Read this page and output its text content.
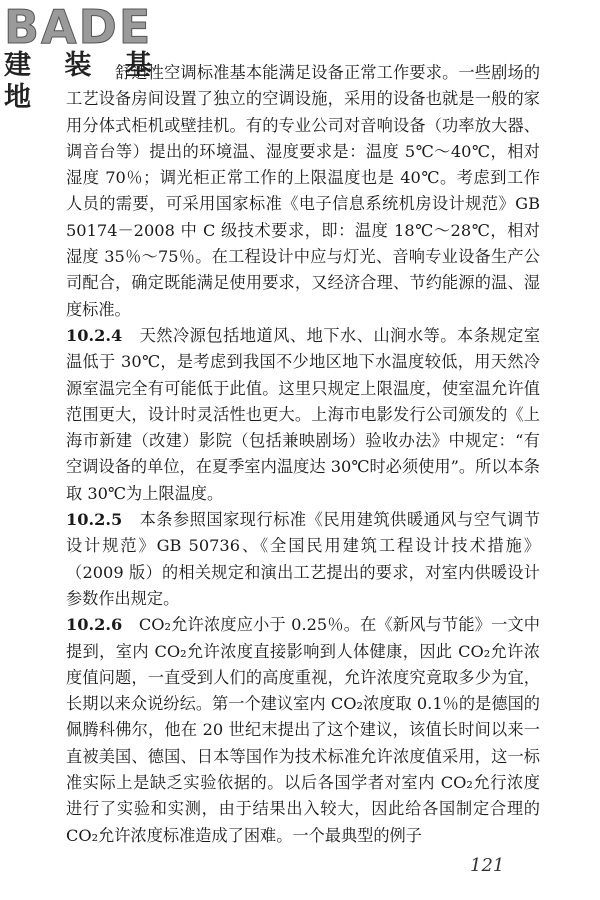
BADE
建 装 基 地

舒适性空调标准基本能满足设备正常工作要求。一些剧场的工艺设备房间设置了独立的空调设施，采用的设备也就是一般的家用分体式柜机或壁挂机。有的专业公司对音响设备（功率放大器、调音台等）提出的环境温、湿度要求是：温度 5℃～40℃，相对湿度 70％；调光柜正常工作的上限温度也是 40℃。考虑到工作人员的需要，可采用国家标准《电子信息系统机房设计规范》GB 50174－2008 中 C 级技术要求，即：温度 18℃～28℃，相对湿度 35％～75％。在工程设计中应与灯光、音响专业设备生产公司配合，确定既能满足使用要求，又经济合理、节约能源的温、湿度标准。

10.2.4　 天然冷源包括地道风、地下水、山涧水等。本条规定室温低于 30℃，是考虑到我国不少地区地下水温度较低，用天然冷源室温完全有可能低于此值。这里只规定上限温度，使室温允许值范围更大，设计时灵活性也更大。上海市电影发行公司颁发的《上海市新建（改建）影院（包括兼映剧场）验收办法》中规定：“有空调设备的单位，在夏季室内温度达 30℃时必须使用”。所以本条取 30℃为上限温度。

10.2.5　 本条参照国家现行标准《民用建筑供暖通风与空气调节设计规范》GB 50736、《全国民用建筑工程设计技术措施》（2009 版）的相关规定和演出工艺提出的要求，对室内供暖设计参数作出规定。

10.2.6　 CO₂允许浓度应小于 0.25％。在《新风与节能》一文中提到，室内 CO₂允许浓度直接影响到人体健康，因此 CO₂允许浓度值问题，一直受到人们的高度重视，允许浓度究竟取多少为宜，长期以来众说纷纭。第一个建议室内 CO₂浓度取 0.1％的是德国的佩腾科佛尔，他在 20 世纪末提出了这个建议，该值长时间以来一直被美国、德国、日本等国作为技术标准允许浓度值采用，这一标准实际上是缺乏实验依据的。以后各国学者对室内 CO₂允行浓度进行了实验和实测，由于结果出入较大，因此给各国制定合理的 CO₂允许浓度标准造成了困难。一个最典型的例子

121
